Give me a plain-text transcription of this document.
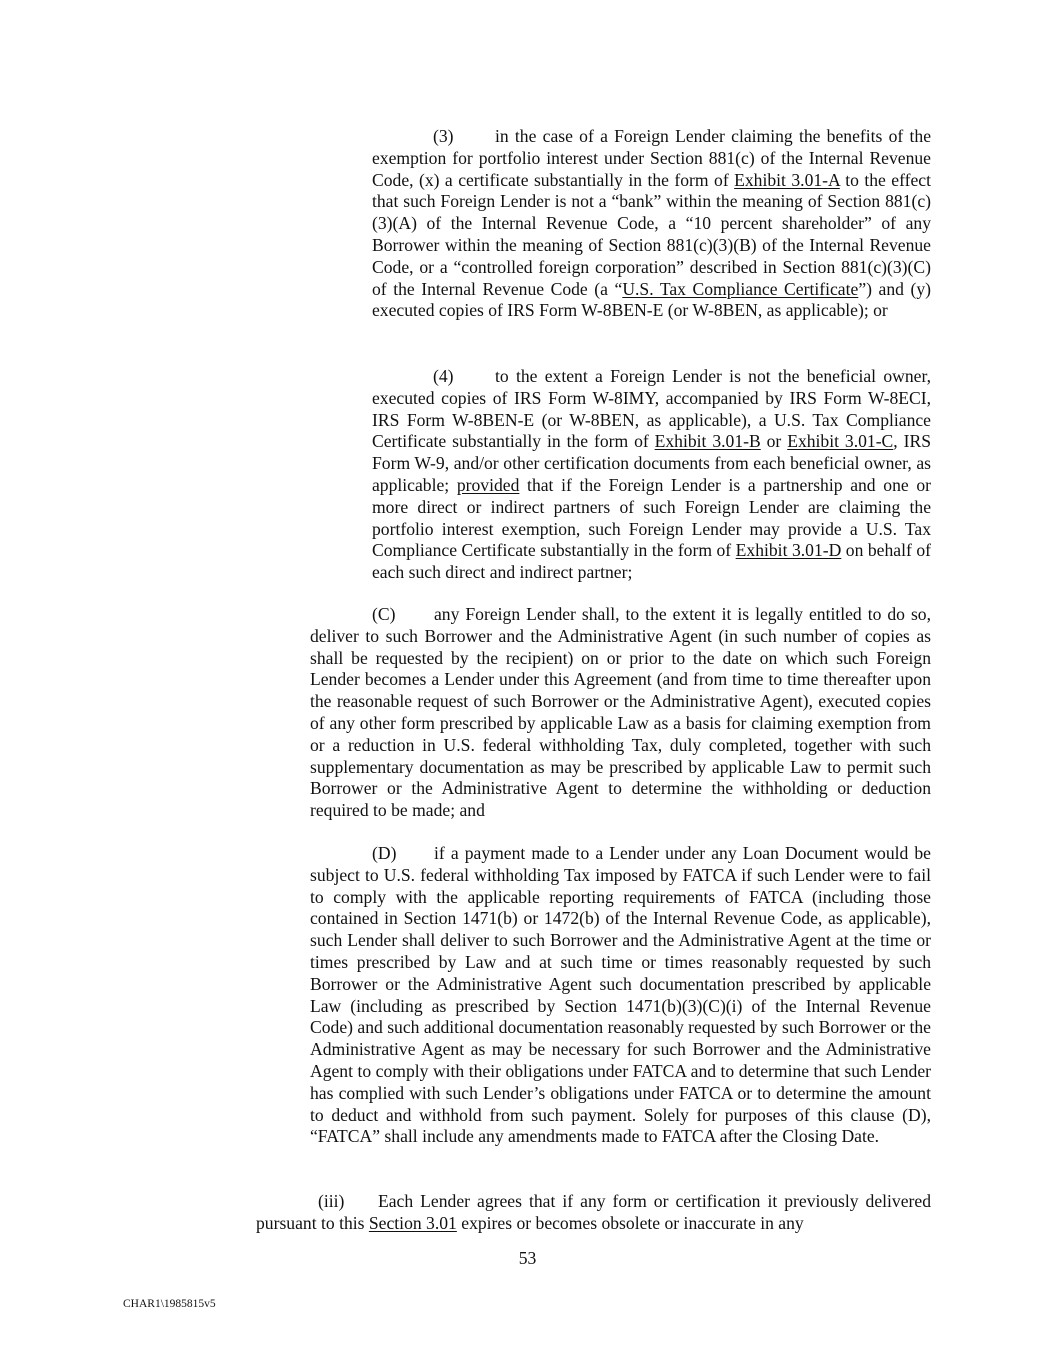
(3) in the case of a Foreign Lender claiming the benefits of the exemption for portfolio interest under Section 881(c) of the Internal Revenue Code, (x) a certificate substantially in the form of Exhibit 3.01-A to the effect that such Foreign Lender is not a “bank” within the meaning of Section 881(c)(3)(A) of the Internal Revenue Code, a “10 percent shareholder” of any Borrower within the meaning of Section 881(c)(3)(B) of the Internal Revenue Code, or a “controlled foreign corporation” described in Section 881(c)(3)(C) of the Internal Revenue Code (a “U.S. Tax Compliance Certificate”) and (y) executed copies of IRS Form W-8BEN-E (or W-8BEN, as applicable); or

(4) to the extent a Foreign Lender is not the beneficial owner, executed copies of IRS Form W-8IMY, accompanied by IRS Form W-8ECI, IRS Form W-8BEN-E (or W-8BEN, as applicable), a U.S. Tax Compliance Certificate substantially in the form of Exhibit 3.01-B or Exhibit 3.01-C, IRS Form W-9, and/or other certification documents from each beneficial owner, as applicable; provided that if the Foreign Lender is a partnership and one or more direct or indirect partners of such Foreign Lender are claiming the portfolio interest exemption, such Foreign Lender may provide a U.S. Tax Compliance Certificate substantially in the form of Exhibit 3.01-D on behalf of each such direct and indirect partner;

(C) any Foreign Lender shall, to the extent it is legally entitled to do so, deliver to such Borrower and the Administrative Agent (in such number of copies as shall be requested by the recipient) on or prior to the date on which such Foreign Lender becomes a Lender under this Agreement (and from time to time thereafter upon the reasonable request of such Borrower or the Administrative Agent), executed copies of any other form prescribed by applicable Law as a basis for claiming exemption from or a reduction in U.S. federal withholding Tax, duly completed, together with such supplementary documentation as may be prescribed by applicable Law to permit such Borrower or the Administrative Agent to determine the withholding or deduction required to be made; and

(D) if a payment made to a Lender under any Loan Document would be subject to U.S. federal withholding Tax imposed by FATCA if such Lender were to fail to comply with the applicable reporting requirements of FATCA (including those contained in Section 1471(b) or 1472(b) of the Internal Revenue Code, as applicable), such Lender shall deliver to such Borrower and the Administrative Agent at the time or times prescribed by Law and at such time or times reasonably requested by such Borrower or the Administrative Agent such documentation prescribed by applicable Law (including as prescribed by Section 1471(b)(3)(C)(i) of the Internal Revenue Code) and such additional documentation reasonably requested by such Borrower or the Administrative Agent as may be necessary for such Borrower and the Administrative Agent to comply with their obligations under FATCA and to determine that such Lender has complied with such Lender’s obligations under FATCA or to determine the amount to deduct and withhold from such payment. Solely for purposes of this clause (D), “FATCA” shall include any amendments made to FATCA after the Closing Date.

(iii) Each Lender agrees that if any form or certification it previously delivered pursuant to this Section 3.01 expires or becomes obsolete or inaccurate in any

53
CHAR1\1985815v5
